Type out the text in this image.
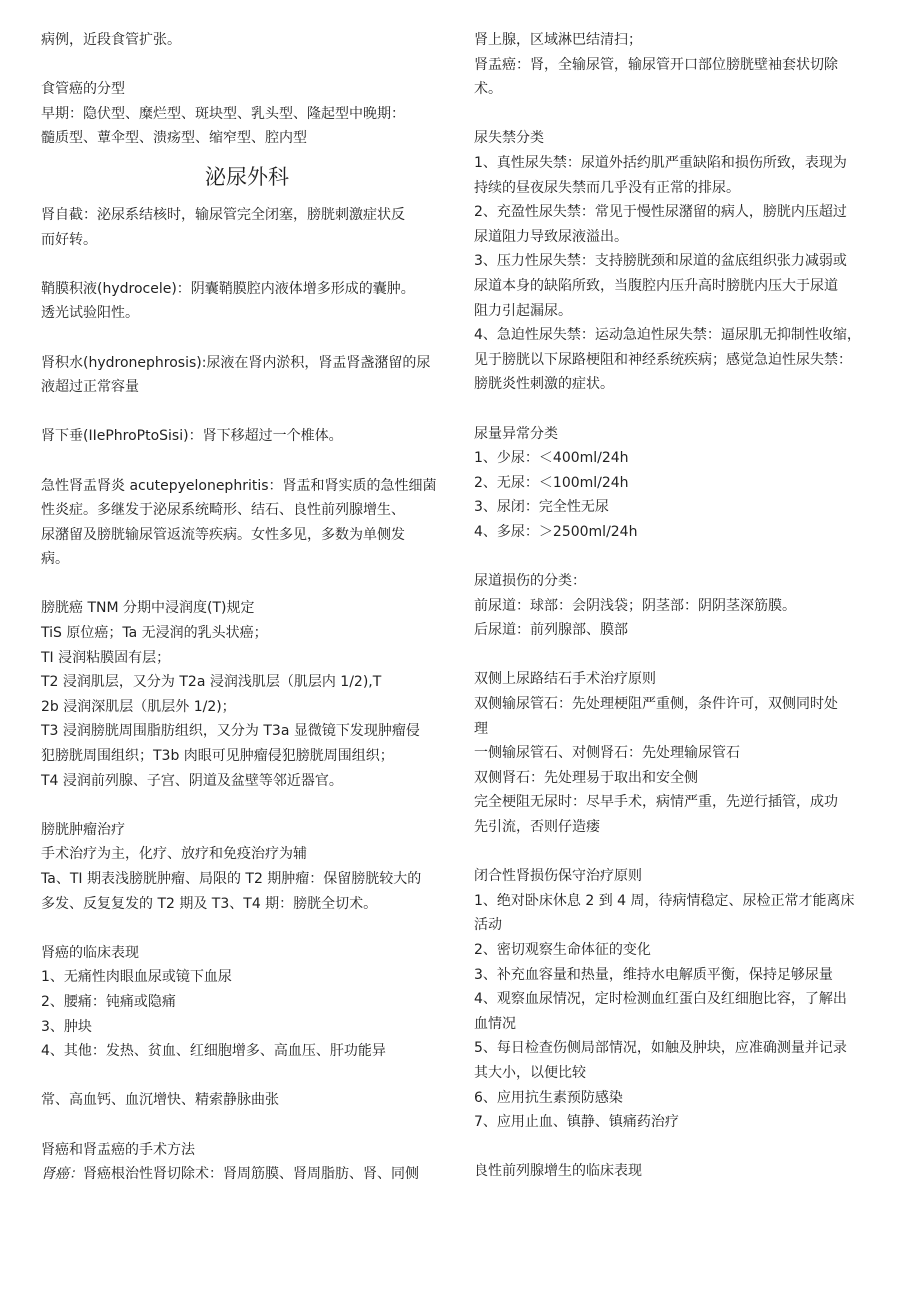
病例，近段食管扩张。

食管癌的分型

早期：隐伏型、糜烂型、斑块型、乳头型、隆起型中晚期：

髓质型、蕈伞型、溃疡型、缩窄型、腔内型

泌尿外科

肾自截：泌尿系结核时，输尿管完全闭塞，膀胱刺激症状反

而好转。

鞘膜积液(hydrocele)：阴囊鞘膜腔内液体增多形成的囊肿。

透光试验阳性。

肾积水(hydronephrosis):尿液在肾内淤积，肾盂肾盏潴留的尿

液超过正常容量

肾下垂(IIePhroPtoSisi)：肾下移超过一个椎体。

急性肾盂肾炎 acutepyelonephritis：肾盂和肾实质的急性细菌

性炎症。多继发于泌尿系统畸形、结石、良性前列腺增生、

尿潴留及膀胱输尿管返流等疾病。女性多见，多数为单侧发

病。

膀胱癌 TNM 分期中浸润度(T)规定

TiS 原位癌；Ta 无浸润的乳头状癌；

TI 浸润粘膜固有层；

T2 浸润肌层，又分为 T2a 浸润浅肌层（肌层内 1/2),T

2b 浸润深肌层（肌层外 1/2)；

T3 浸润膀胱周围脂肪组织，又分为 T3a 显微镜下发现肿瘤侵

犯膀胱周围组织；T3b 肉眼可见肿瘤侵犯膀胱周围组织；

T4 浸润前列腺、子宫、阴道及盆壁等邻近器官。

膀胱肿瘤治疗

手术治疗为主，化疗、放疗和免疫治疗为辅

Ta、TI 期表浅膀胱肿瘤、局限的 T2 期肿瘤：保留膀胱较大的

多发、反复复发的 T2 期及 T3、T4 期：膀胱全切术。

肾癌的临床表现

1、无痛性肉眼血尿或镜下血尿

2、腰痛：钝痛或隐痛

3、肿块

4、其他：发热、贫血、红细胞增多、高血压、肝功能异

常、高血钙、血沉增快、精索静脉曲张

肾癌和肾盂癌的手术方法

肾癌：肾癌根治性肾切除术：肾周筋膜、肾周脂肪、肾、同侧

肾上腺，区域淋巴结清扫；

肾盂癌：肾，全输尿管，输尿管开口部位膀胱壁袖套状切除

术。

尿失禁分类

1、真性尿失禁：尿道外括约肌严重缺陷和损伤所致，表现为

持续的昼夜尿失禁而几乎没有正常的排尿。

2、充盈性尿失禁：常见于慢性尿潴留的病人，膀胱内压超过

尿道阻力导致尿液溢出。

3、压力性尿失禁：支持膀胱颈和尿道的盆底组织张力减弱或

尿道本身的缺陷所致，当腹腔内压升高时膀胱内压大于尿道

阻力引起漏尿。

4、急迫性尿失禁：运动急迫性尿失禁：逼尿肌无抑制性收缩，

见于膀胱以下尿路梗阻和神经系统疾病；感觉急迫性尿失禁：

膀胱炎性刺激的症状。

尿量异常分类

1、少尿：＜400ml∕24h

2、无尿：＜100ml∕24h

3、尿闭：完全性无尿

4、多尿：＞2500ml∕24h

尿道损伤的分类：

前尿道：球部：会阴浅袋；阴茎部：阴阴茎深筋膜。

后尿道：前列腺部、膜部

双侧上尿路结石手术治疗原则

双侧输尿管石：先处理梗阻严重侧，条件许可，双侧同时处

理

一侧输尿管石、对侧肾石：先处理输尿管石

双侧肾石：先处理易于取出和安全侧

完全梗阻无尿时：尽早手术，病情严重，先逆行插管，成功

先引流，否则仔造瘘

闭合性肾损伤保守治疗原则

1、绝对卧床休息 2 到 4 周，待病情稳定、尿检正常才能离床

活动

2、密切观察生命体征的变化

3、补充血容量和热量，维持水电解质平衡，保持足够尿量

4、观察血尿情况，定时检测血红蛋白及红细胞比容，了解出

血情况

5、每日检查伤侧局部情况，如触及肿块，应准确测量并记录

其大小，以便比较

6、应用抗生素预防感染

7、应用止血、镇静、镇痛药治疗

良性前列腺增生的临床表现
